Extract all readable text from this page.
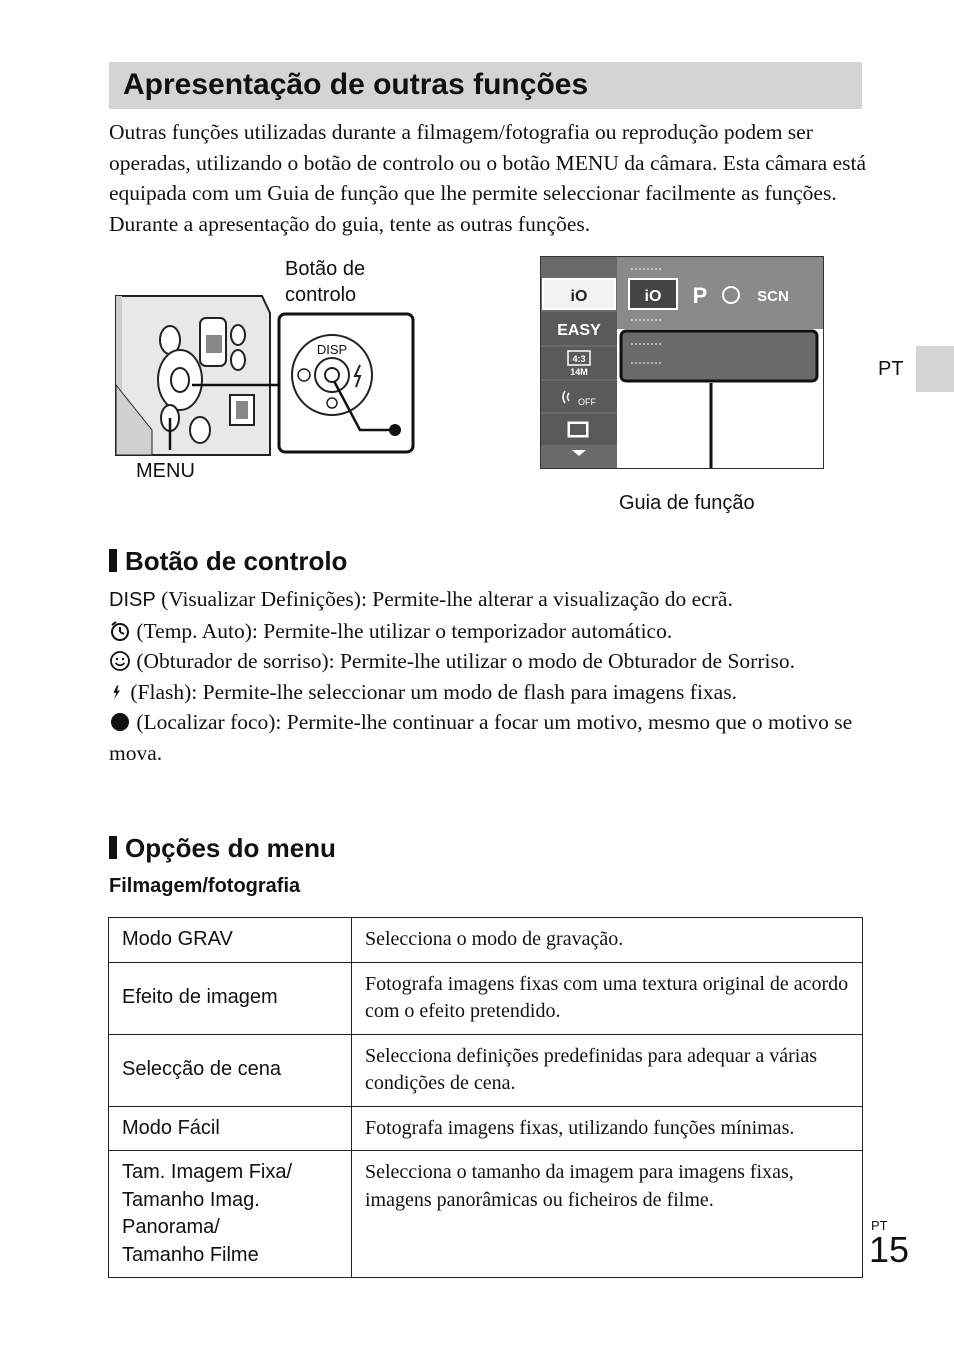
Apresentação de outras funções

Outras funções utilizadas durante a filmagem/fotografia ou reprodução podem ser operadas, utilizando o botão de controlo ou o botão MENU da câmara. Esta câmara está equipada com um Guia de função que lhe permite seleccionar facilmente as funções. Durante a apresentação do guia, tente as outras funções.

DISP
Botão de
controlo
MENU
iO	iO P	SCN
EASY
4:3
14M
OFF
Guia de função
PT
Botão de controlo

DISP (Visualizar Definições): Permite-lhe alterar a visualização do ecrã.

(Temp. Auto): Permite-lhe utilizar o temporizador automático.

(Obturador de sorriso): Permite-lhe utilizar o modo de Obturador de Sorriso.

(Flash): Permite-lhe seleccionar um modo de flash para imagens fixas.

(Localizar foco): Permite-lhe continuar a focar um motivo, mesmo que o motivo se mova.

Opções do menu
Filmagem/fotografia
Modo GRAV	Selecciona o modo de gravação.
Efeito de imagem	Fotografa imagens fixas com uma textura original de acordo com o efeito pretendido.
Selecção de cena	Selecciona definições predefinidas para adequar a várias condições de cena.
Modo Fácil	Fotografa imagens fixas, utilizando funções mínimas.

Tam. Imagem Fixa/
Tamanho Imag.
Panorama/
Tamanho Filme	Selecciona o tamanho da imagem para imagens fixas, imagens panorâmicas ou ficheiros de filme.
PT
15
